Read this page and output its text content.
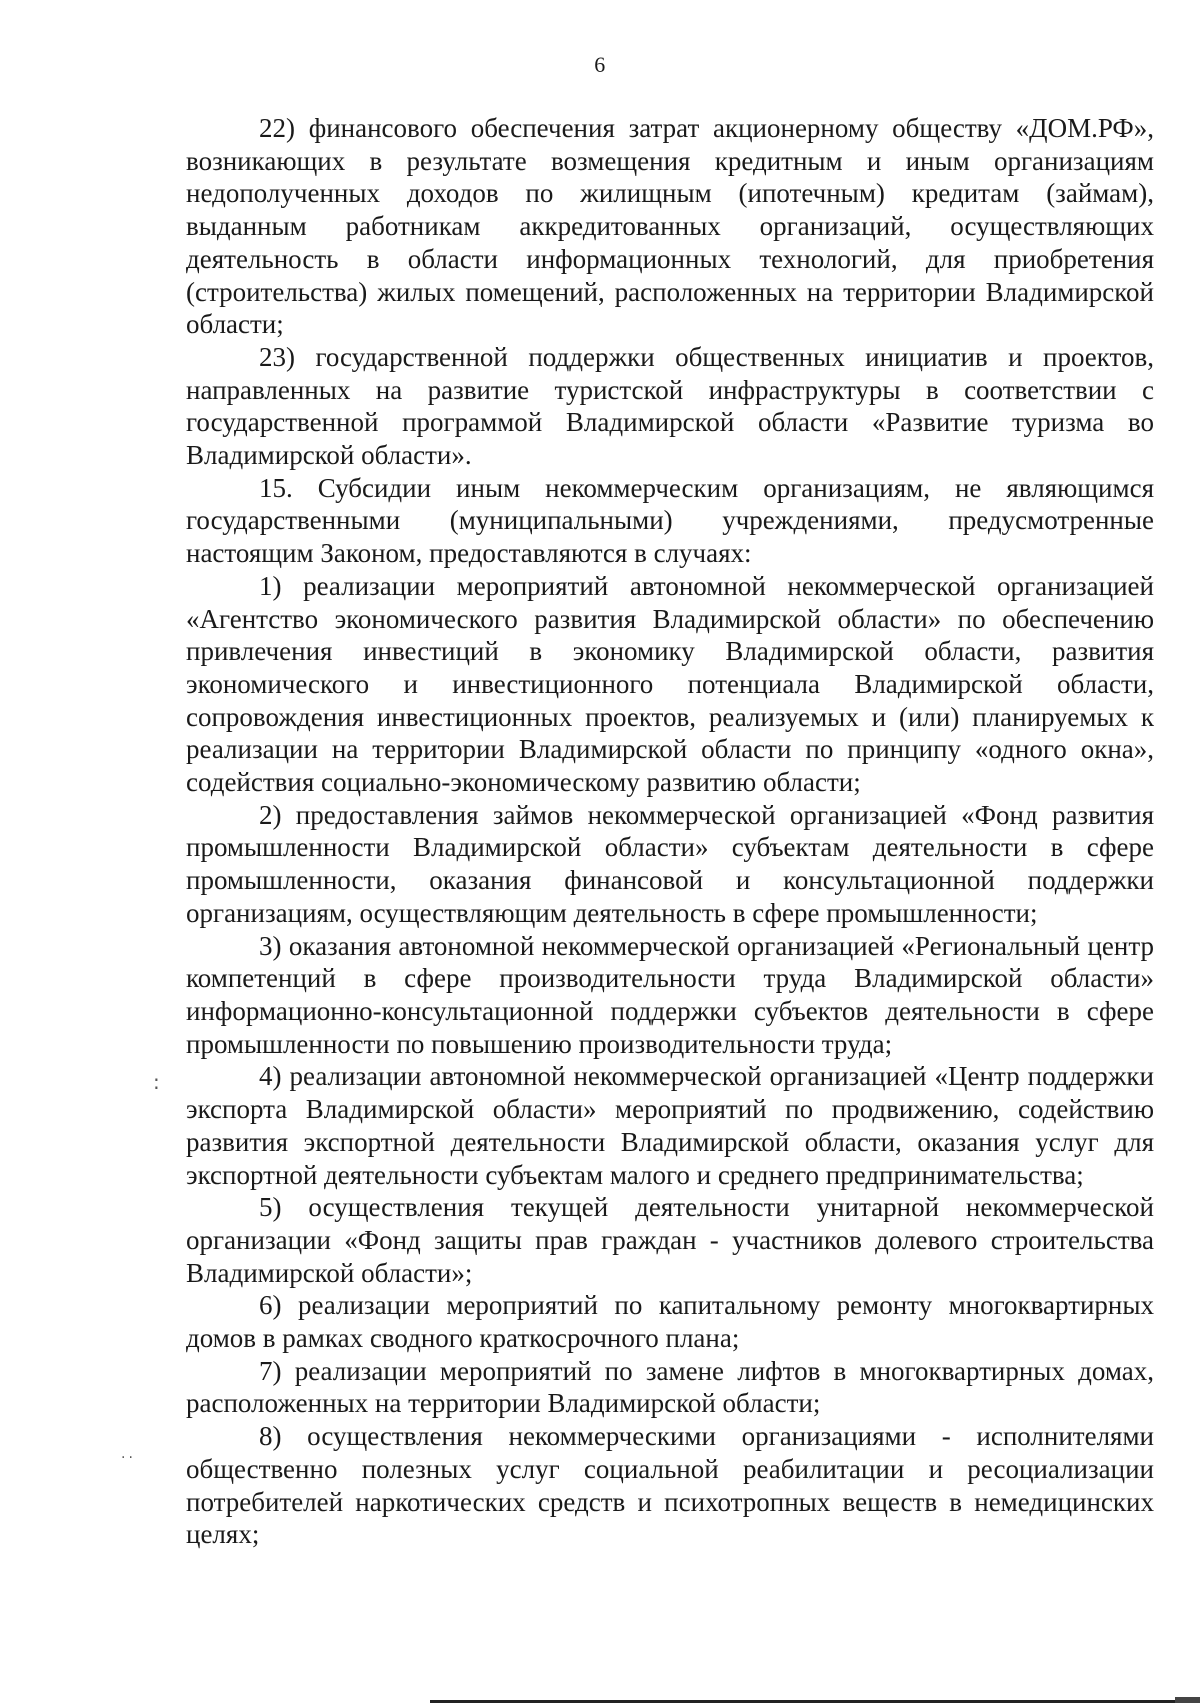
6

22) финансового обеспечения затрат акционерному обществу «ДОМ.РФ», возникающих в результате возмещения кредитным и иным организациям недополученных доходов по жилищным (ипотечным) кредитам (займам), выданным работникам аккредитованных организаций, осуществляющих деятельность в области информационных технологий, для приобретения (строительства) жилых помещений, расположенных на территории Владимирской области;

23) государственной поддержки общественных инициатив и проектов, направленных на развитие туристской инфраструктуры в соответствии с государственной программой Владимирской области «Развитие туризма во Владимирской области».

15. Субсидии иным некоммерческим организациям, не являющимся государственными (муниципальными) учреждениями, предусмотренные настоящим Законом, предоставляются в случаях:

1) реализации мероприятий автономной некоммерческой организацией «Агентство экономического развития Владимирской области» по обеспечению привлечения инвестиций в экономику Владимирской области, развития экономического и инвестиционного потенциала Владимирской области, сопровождения инвестиционных проектов, реализуемых и (или) планируемых к реализации на территории Владимирской области по принципу «одного окна», содействия социально-экономическому развитию области;

2) предоставления займов некоммерческой организацией «Фонд развития промышленности Владимирской области» субъектам деятельности в сфере промышленности, оказания финансовой и консультационной поддержки организациям, осуществляющим деятельность в сфере промышленности;

3) оказания автономной некоммерческой организацией «Региональный центр компетенций в сфере производительности труда Владимирской области» информационно-консультационной поддержки субъектов деятельности в сфере промышленности по повышению производительности труда;

4) реализации автономной некоммерческой организацией «Центр поддержки экспорта Владимирской области» мероприятий по продвижению, содействию развития экспортной деятельности Владимирской области, оказания услуг для экспортной деятельности субъектам малого и среднего предпринимательства;

5) осуществления текущей деятельности унитарной некоммерческой организации «Фонд защиты прав граждан - участников долевого строительства Владимирской области»;

6) реализации мероприятий по капитальному ремонту многоквартирных домов в рамках сводного краткосрочного плана;

7) реализации мероприятий по замене лифтов в многоквартирных домах, расположенных на территории Владимирской области;

8) осуществления некоммерческими организациями - исполнителями общественно полезных услуг социальной реабилитации и ресоциализации потребителей наркотических средств и психотропных веществ в немедицинских целях;

:
··
